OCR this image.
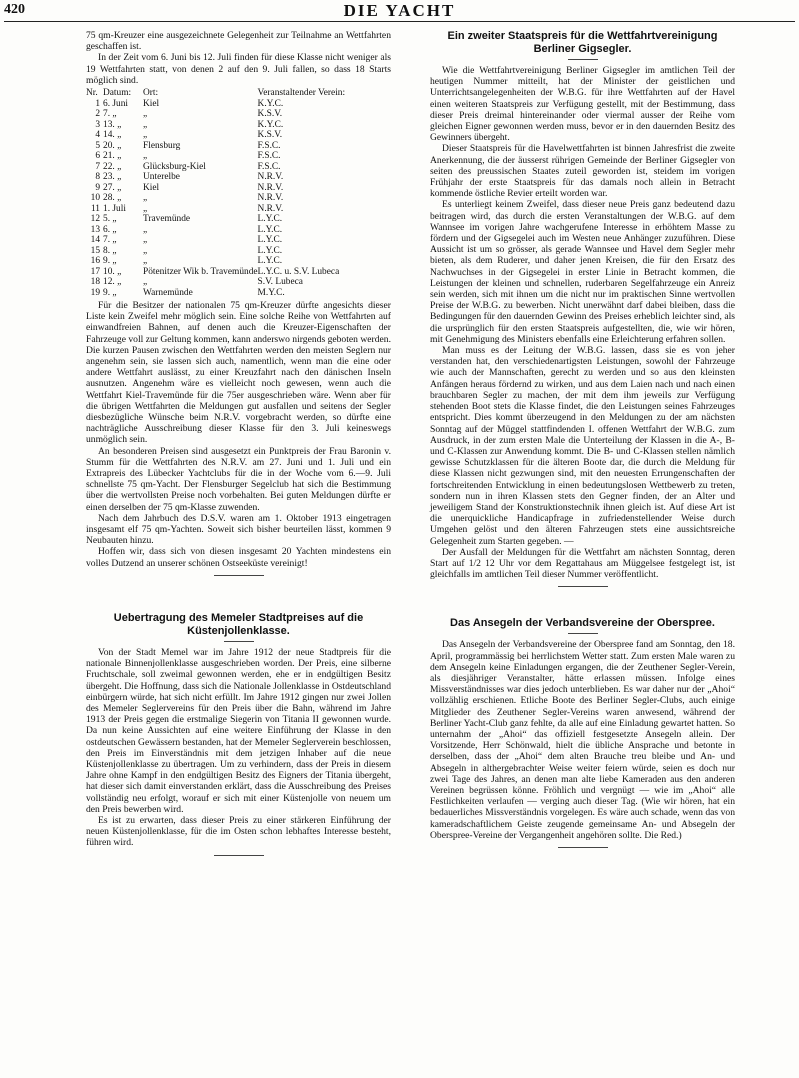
420	DIE YACHT

75 qm-Kreuzer eine ausgezeichnete Gelegenheit zur Teilnahme an Wettfahrten geschaffen ist.

In der Zeit vom 6. Juni bis 12. Juli finden für diese Klasse nicht weniger als 19 Wettfahrten statt, von denen 2 auf den 9. Juli fallen, so dass 18 Starts möglich sind.

Nr.	Datum:	Ort:	Veranstaltender Verein:
1	6. Juni	Kiel	K.Y.C.
2	7. „	„	K.S.V.
3	13. „	„	K.Y.C.
4	14. „	„	K.S.V.
5	20. „	Flensburg	F.S.C.
6	21. „	„	F.S.C.
7	22. „	Glücksburg-Kiel	F.S.C.
8	23. „	Unterelbe	N.R.V.
9	27. „	Kiel	N.R.V.
10	28. „	„	N.R.V.
11	1. Juli	„	N.R.V.
12	5. „	Travemünde	L.Y.C.
13	6. „	„	L.Y.C.
14	7. „	„	L.Y.C.
15	8. „	„	L.Y.C.
16	9. „	„	L.Y.C.
17	10. „	Pötenitzer Wik b. Travemünde	L.Y.C. u. S.V. Lubeca
18	12. „	„	S.V. Lubeca
19	9. „	Warnemünde	M.Y.C.

Für die Besitzer der nationalen 75 qm-Kreuzer dürfte angesichts dieser Liste kein Zweifel mehr möglich sein. Eine solche Reihe von Wettfahrten auf einwandfreien Bahnen, auf denen auch die Kreuzer-Eigenschaften der Fahrzeuge voll zur Geltung kommen, kann anderswo nirgends geboten werden. Die kurzen Pausen zwischen den Wettfahrten werden den meisten Seglern nur angenehm sein, sie lassen sich auch, namentlich, wenn man die eine oder andere Wettfahrt auslässt, zu einer Kreuzfahrt nach den dänischen Inseln ausnutzen. Angenehm wäre es vielleicht noch gewesen, wenn auch die Wettfahrt Kiel-Travemünde für die 75er ausgeschrieben wäre. Wenn aber für die übrigen Wettfahrten die Meldungen gut ausfallen und seitens der Segler diesbezügliche Wünsche beim N.R.V. vorgebracht werden, so dürfte eine nachträgliche Ausschreibung dieser Klasse für den 3. Juli keineswegs unmöglich sein.

An besonderen Preisen sind ausgesetzt ein Punktpreis der Frau Baronin v. Stumm für die Wettfahrten des N.R.V. am 27. Juni und 1. Juli und ein Extrapreis des Lübecker Yachtclubs für die in der Woche vom 6.—9. Juli schnellste 75 qm-Yacht. Der Flensburger Segelclub hat sich die Bestimmung über die wertvollsten Preise noch vorbehalten. Bei guten Meldungen dürfte er einen derselben der 75 qm-Klasse zuwenden.

Nach dem Jahrbuch des D.S.V. waren am 1. Oktober 1913 eingetragen insgesamt elf 75 qm-Yachten. Soweit sich bisher beurteilen lässt, kommen 9 Neubauten hinzu.

Hoffen wir, dass sich von diesen insgesamt 20 Yachten mindestens ein volles Dutzend an unserer schönen Ostseeküste vereinigt!

Uebertragung des Memeler Stadtpreises auf die Küstenjollenklasse.

Von der Stadt Memel war im Jahre 1912 der neue Stadtpreis für die nationale Binnenjollenklasse ausgeschrieben worden. Der Preis, eine silberne Fruchtschale, soll zweimal gewonnen werden, ehe er in endgültigen Besitz übergeht. Die Hoffnung, dass sich die Nationale Jollenklasse in Ostdeutschland einbürgern würde, hat sich nicht erfüllt. Im Jahre 1912 gingen nur zwei Jollen des Memeler Seglervereins für den Preis über die Bahn, während im Jahre 1913 der Preis gegen die erstmalige Siegerin von Titania II gewonnen wurde. Da nun keine Aussichten auf eine weitere Einführung der Klasse in den ostdeutschen Gewässern bestanden, hat der Memeler Seglerverein beschlossen, den Preis im Einverständnis mit dem jetzigen Inhaber auf die neue Küstenjollenklasse zu übertragen. Um zu verhindern, dass der Preis in diesem Jahre ohne Kampf in den endgültigen Besitz des Eigners der Titania übergeht, hat dieser sich damit einverstanden erklärt, dass die Ausschreibung des Preises vollständig neu erfolgt, worauf er sich mit einer Küstenjolle von neuem um den Preis bewerben wird.

Es ist zu erwarten, dass dieser Preis zu einer stärkeren Einführung der neuen Küstenjollenklasse, für die im Osten schon lebhaftes Interesse besteht, führen wird.

Ein zweiter Staatspreis für die Wettfahrtvereinigung Berliner Gigsegler.

Wie die Wettfahrtvereinigung Berliner Gigsegler im amtlichen Teil der heutigen Nummer mitteilt, hat der Minister der geistlichen und Unterrichtsangelegenheiten der W.B.G. für ihre Wettfahrten auf der Havel einen weiteren Staatspreis zur Verfügung gestellt, mit der Bestimmung, dass dieser Preis dreimal hintereinander oder viermal ausser der Reihe vom gleichen Eigner gewonnen werden muss, bevor er in den dauernden Besitz des Gewinners übergeht.

Dieser Staatspreis für die Havelwettfahrten ist binnen Jahresfrist die zweite Anerkennung, die der äusserst rührigen Gemeinde der Berliner Gigsegler von seiten des preussischen Staates zuteil geworden ist, steidem im vorigen Frühjahr der erste Staatspreis für das damals noch allein in Betracht kommende östliche Revier erteilt worden war.

Es unterliegt keinem Zweifel, dass dieser neue Preis ganz bedeutend dazu beitragen wird, das durch die ersten Veranstaltungen der W.B.G. auf dem Wannsee im vorigen Jahre wachgerufene Interesse in erhöhtem Masse zu fördern und der Gigsegelei auch im Westen neue Anhänger zuzuführen. Diese Aussicht ist um so grösser, als gerade Wannsee und Havel dem Segler mehr bieten, als dem Ruderer, und daher jenen Kreisen, die für den Ersatz des Nachwuchses in der Gigsegelei in erster Linie in Betracht kommen, die Leistungen der kleinen und schnellen, ruderbaren Segelfahrzeuge ein Anreiz sein werden, sich mit ihnen um die nicht nur im praktischen Sinne wertvollen Preise der W.B.G. zu bewerben. Nicht unerwähnt darf dabei bleiben, dass die Bedingungen für den dauernden Gewinn des Preises erheblich leichter sind, als die ursprünglich für den ersten Staatspreis aufgestellten, die, wie wir hören, mit Genehmigung des Ministers ebenfalls eine Erleichterung erfahren sollen.

Man muss es der Leitung der W.B.G. lassen, dass sie es von jeher verstanden hat, den verschiedenartigsten Leistungen, sowohl der Fahrzeuge wie auch der Mannschaften, gerecht zu werden und so aus den kleinsten Anfängen heraus fördernd zu wirken, und aus dem Laien nach und nach einen brauchbaren Segler zu machen, der mit dem ihm jeweils zur Verfügung stehenden Boot stets die Klasse findet, die den Leistungen seines Fahrzeuges entspricht. Dies kommt überzeugend in den Meldungen zu der am nächsten Sonntag auf der Müggel stattfindenden I. offenen Wettfahrt der W.B.G. zum Ausdruck, in der zum ersten Male die Unterteilung der Klassen in die A-, B- und C-Klassen zur Anwendung kommt. Die B- und C-Klassen stellen nämlich gewisse Schutzklassen für die älteren Boote dar, die durch die Meldung für diese Klassen nicht gezwungen sind, mit den neuesten Errungenschaften der fortschreitenden Entwicklung in einen bedeutungslosen Wettbewerb zu treten, sondern nun in ihren Klassen stets den Gegner finden, der an Alter und jeweiligem Stand der Konstruktionstechnik ihnen gleich ist. Auf diese Art ist die unerquickliche Handicapfrage in zufriedenstellender Weise durch Umgehen gelöst und den älteren Fahrzeugen stets eine aussichtsreiche Gelegenheit zum Starten gegeben. —

Der Ausfall der Meldungen für die Wettfahrt am nächsten Sonntag, deren Start auf 1/2 12 Uhr vor dem Regattahaus am Müggelsee festgelegt ist, ist gleichfalls im amtlichen Teil dieser Nummer veröffentlicht.

Das Ansegeln der Verbandsvereine der Oberspree.

Das Ansegeln der Verbandsvereine der Oberspree fand am Sonntag, den 18. April, programmässig bei herrlichstem Wetter statt. Zum ersten Male waren zu dem Ansegeln keine Einladungen ergangen, die der Zeuthener Segler-Verein, als diesjähriger Veranstalter, hätte erlassen müssen. Infolge eines Missverständnisses war dies jedoch unterblieben. Es war daher nur der „Ahoi“ vollzählig erschienen. Etliche Boote des Berliner Segler-Clubs, auch einige Mitglieder des Zeuthener Segler-Vereins waren anwesend, während der Berliner Yacht-Club ganz fehlte, da alle auf eine Einladung gewartet hatten. So unternahm der „Ahoi“ das offiziell festgesetzte Ansegeln allein. Der Vorsitzende, Herr Schönwald, hielt die übliche Ansprache und betonte in derselben, dass der „Ahoi“ dem alten Brauche treu bleibe und An- und Absegeln in althergebrachter Weise weiter feiern würde, seien es doch nur zwei Tage des Jahres, an denen man alte liebe Kameraden aus den anderen Vereinen begrüssen könne. Fröhlich und vergnügt — wie im „Ahoi“ alle Festlichkeiten verlaufen — verging auch dieser Tag. (Wie wir hören, hat ein bedauerliches Missverständnis vorgelegen. Es wäre auch schade, wenn das von kameradschaftlichem Geiste zeugende gemeinsame An- und Absegeln der Oberspree-Vereine der Vergangenheit angehören sollte. Die Red.)
